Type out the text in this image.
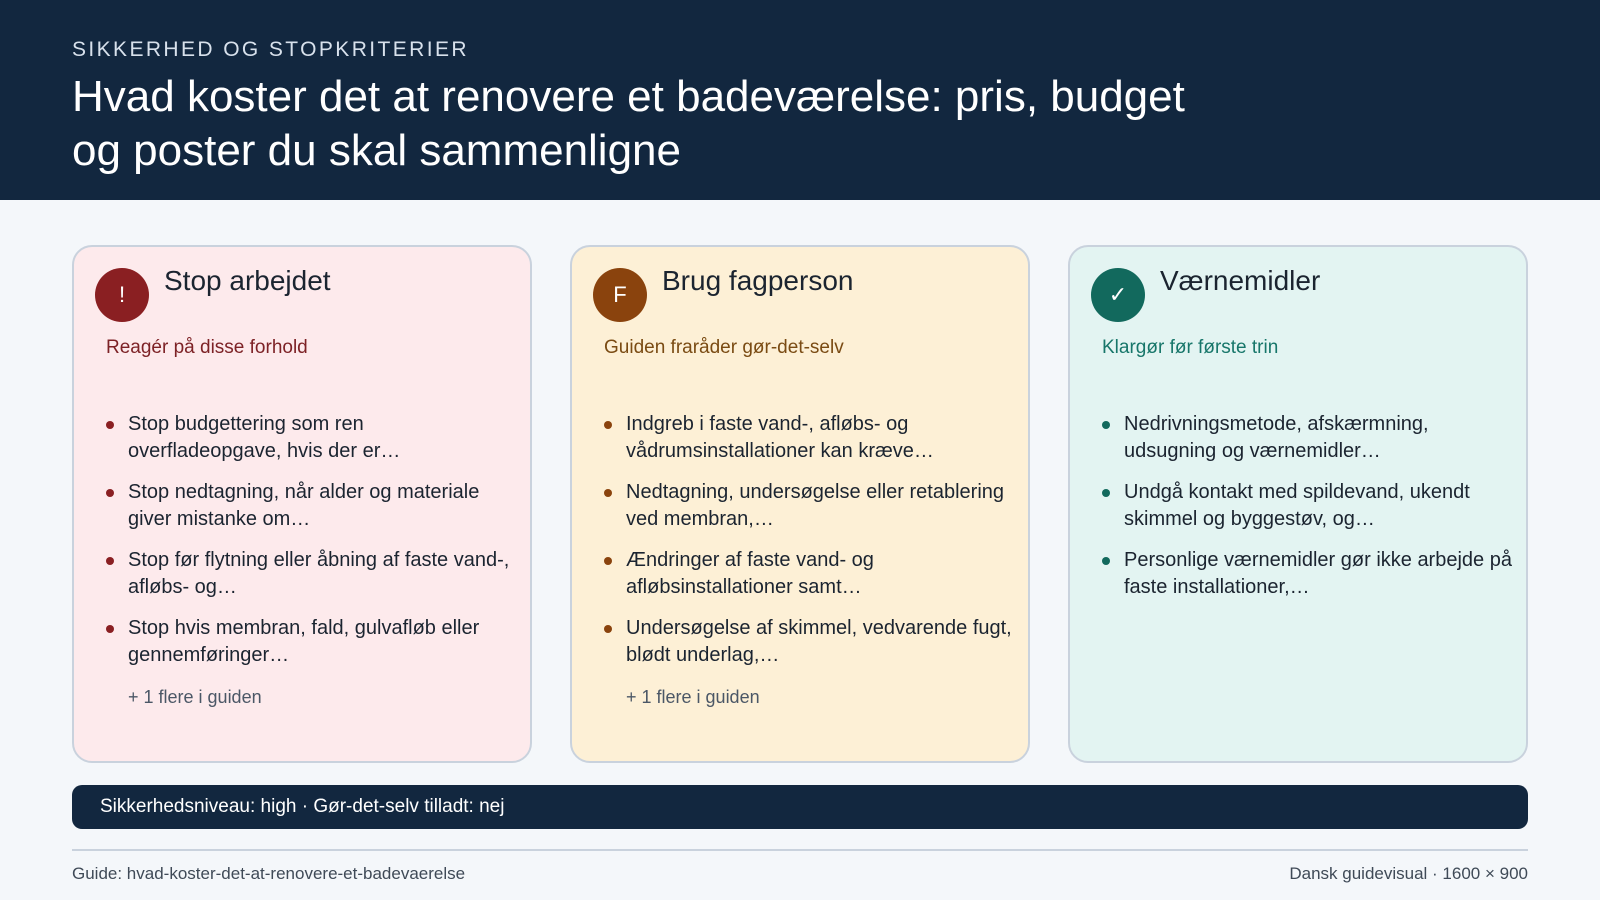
SIKKERHED OG STOPKRITERIER
Hvad koster det at renovere et badeværelse: pris, budget og poster du skal sammenligne
!	Stop arbejdet
Reagér på disse forhold
Stop budgettering som ren overfladeopgave, hvis der er…
Stop nedtagning, når alder og materiale giver mistanke om…
Stop før flytning eller åbning af faste vand-, afløbs- og…
Stop hvis membran, fald, gulvafløb eller gennemføringer…
+ 1 flere i guiden
F	Brug fagperson
Guiden fraråder gør-det-selv
Indgreb i faste vand-, afløbs- og vådrumsinstallationer kan kræve…
Nedtagning, undersøgelse eller retablering ved membran,…
Ændringer af faste vand- og afløbsinstallationer samt…
Undersøgelse af skimmel, vedvarende fugt, blødt underlag,…
+ 1 flere i guiden
✓	Værnemidler
Klargør før første trin
Nedrivningsmetode, afskærmning, udsugning og værnemidler…
Undgå kontakt med spildevand, ukendt skimmel og byggestøv, og…
Personlige værnemidler gør ikke arbejde på faste installationer,…
Sikkerhedsniveau: high · Gør-det-selv tilladt: nej
Guide: hvad-koster-det-at-renovere-et-badevaerelse	Dansk guidevisual · 1600 × 900
